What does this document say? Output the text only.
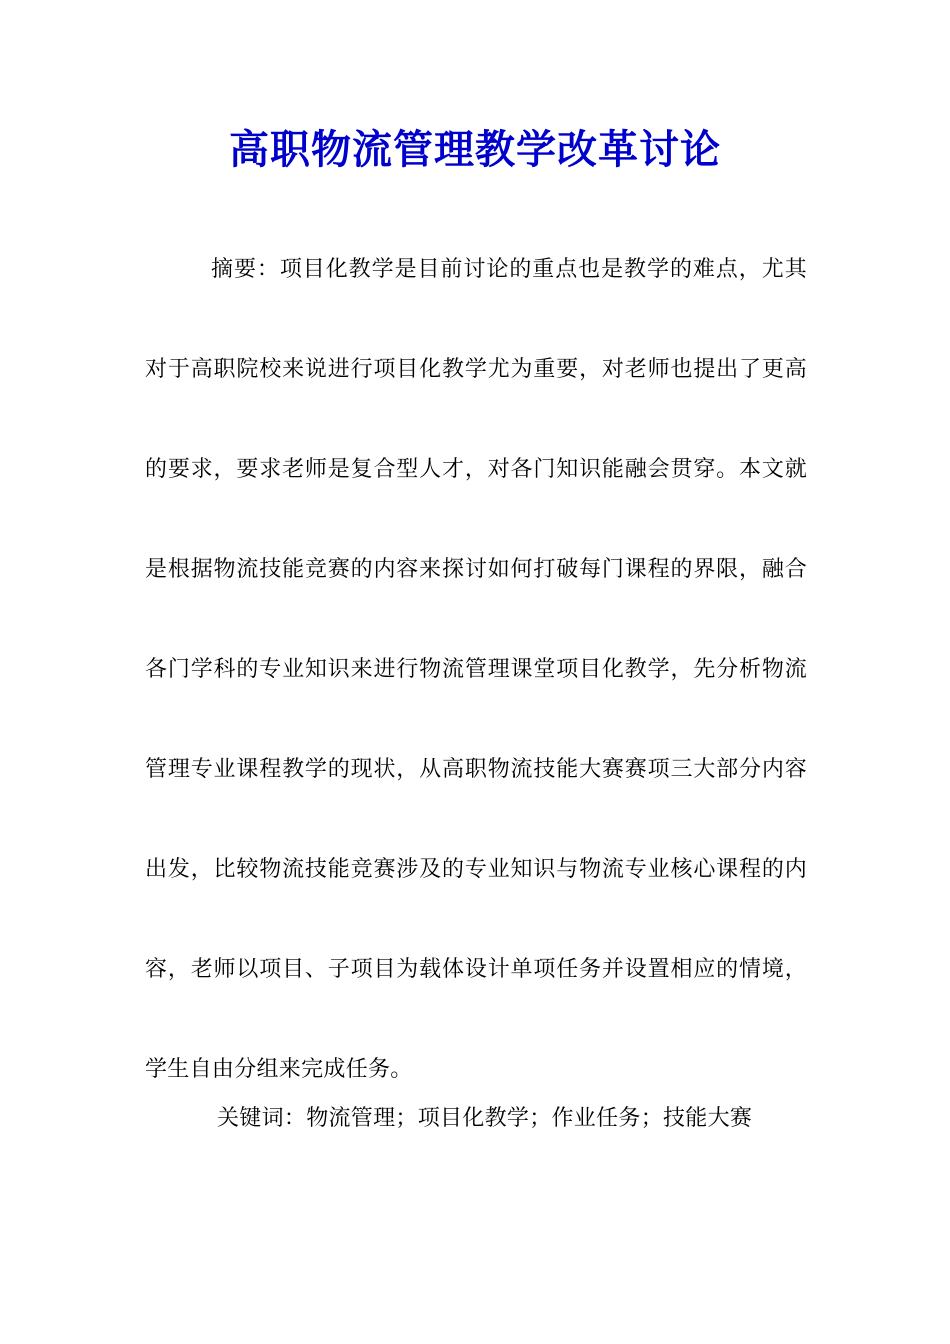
高职物流管理教学改革讨论

摘要：项目化教学是目前讨论的重点也是教学的难点，尤其对于高职院校来说进行项目化教学尤为重要，对老师也提出了更高的要求，要求老师是复合型人才，对各门知识能融会贯穿。本文就是根据物流技能竞赛的内容来探讨如何打破每门课程的界限，融合各门学科的专业知识来进行物流管理课堂项目化教学，先分析物流管理专业课程教学的现状，从高职物流技能大赛赛项三大部分内容出发，比较物流技能竞赛涉及的专业知识与物流专业核心课程的内容，老师以项目、子项目为载体设计单项任务并设置相应的情境，学生自由分组来完成任务。

关键词：物流管理；项目化教学；作业任务；技能大赛
